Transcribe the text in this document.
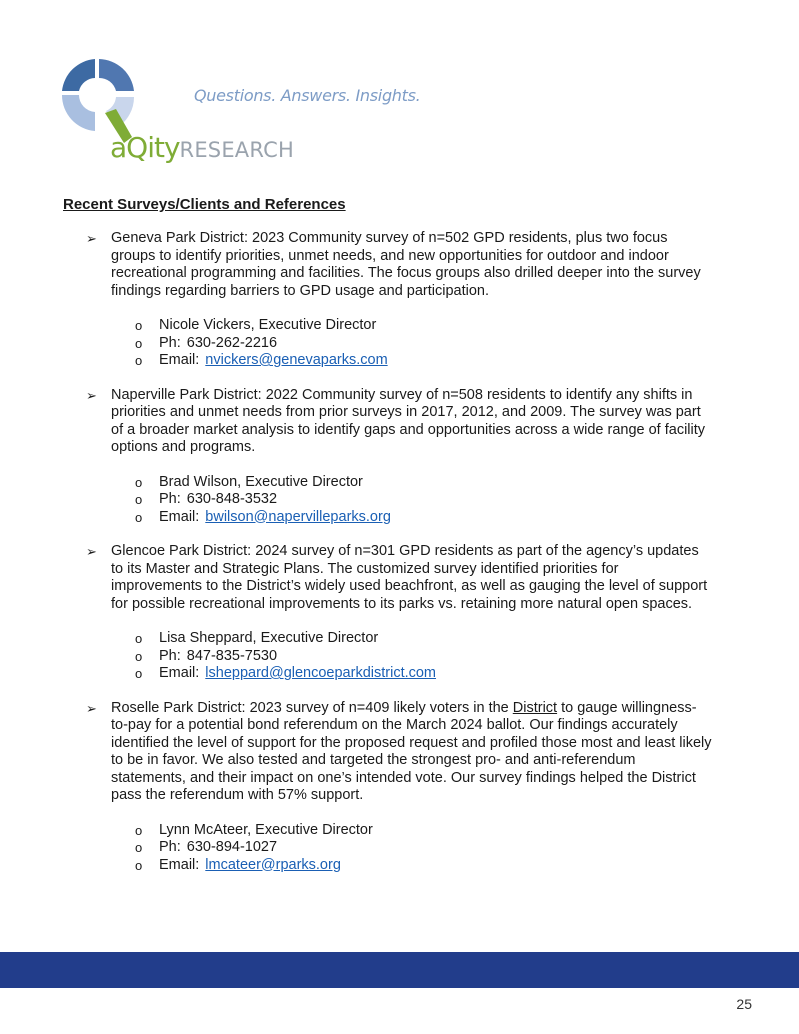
Questions. Answers. Insights.
aQityRESEARCH
Recent Surveys/Clients and References
➢ Geneva Park District: 2023 Community survey of n=502 GPD residents, plus two focus groups to identify priorities, unmet needs, and new opportunities for outdoor and indoor recreational programming and facilities. The focus groups also drilled deeper into the survey findings regarding barriers to GPD usage and participation.
o Nicole Vickers, Executive Director
o Ph: 630-262-2216
o Email: nvickers@genevaparks.com
➢ Naperville Park District: 2022 Community survey of n=508 residents to identify any shifts in priorities and unmet needs from prior surveys in 2017, 2012, and 2009. The survey was part of a broader market analysis to identify gaps and opportunities across a wide range of facility options and programs.
o Brad Wilson, Executive Director
o Ph: 630-848-3532
o Email: bwilson@napervilleparks.org
➢ Glencoe Park District: 2024 survey of n=301 GPD residents as part of the agency’s updates to its Master and Strategic Plans. The customized survey identified priorities for improvements to the District’s widely used beachfront, as well as gauging the level of support for possible recreational improvements to its parks vs. retaining more natural open spaces.
o Lisa Sheppard, Executive Director
o Ph: 847-835-7530
o Email: lsheppard@glencoeparkdistrict.com
➢ Roselle Park District: 2023 survey of n=409 likely voters in the District to gauge willingness-to-pay for a potential bond referendum on the March 2024 ballot. Our findings accurately identified the level of support for the proposed request and profiled those most and least likely to be in favor. We also tested and targeted the strongest pro- and anti-referendum statements, and their impact on one’s intended vote. Our survey findings helped the District pass the referendum with 57% support.
o Lynn McAteer, Executive Director
o Ph: 630-894-1027
o Email: lmcateer@rparks.org
25
